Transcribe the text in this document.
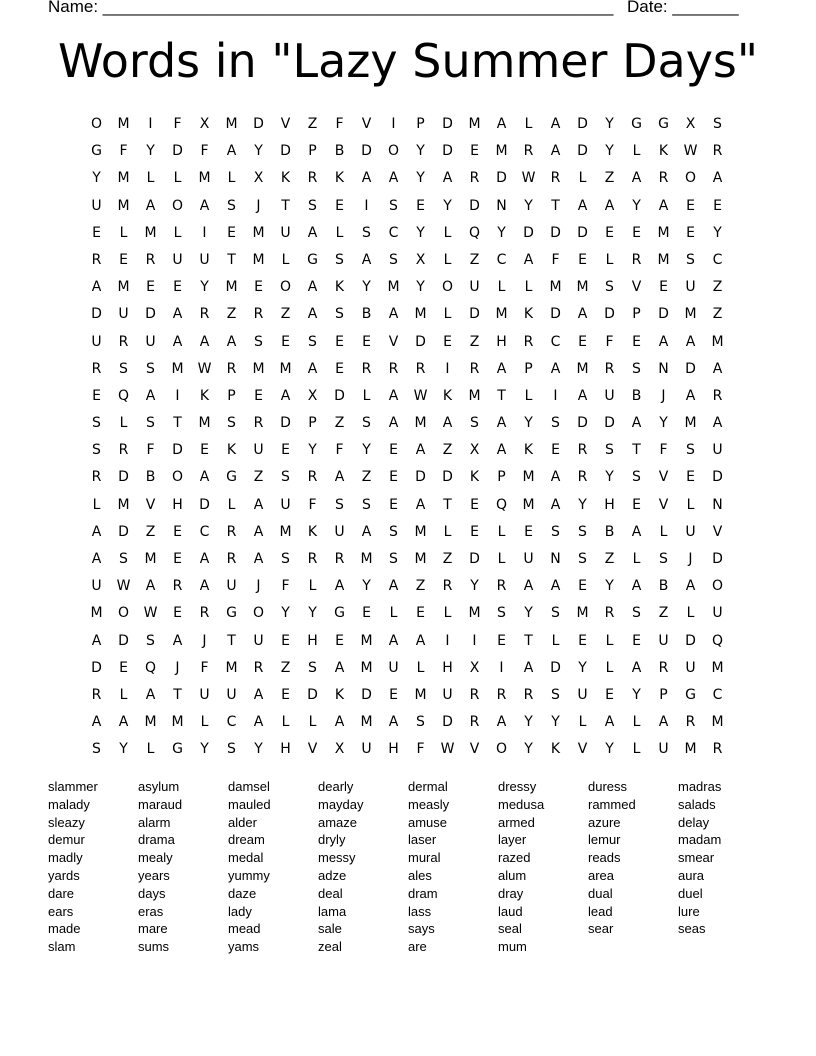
Name: ______________________________________________________ Date: _______
Words in "Lazy Summer Days"
O	M	I	F	X	M	D	V	Z	F	V	I	P	D	M	A	L	A	D	Y	G	G	X	S
G	F	Y	D	F	A	Y	D	P	B	D	O	Y	D	E	M	R	A	D	Y	L	K	W	R
Y	M	L	L	M	L	X	K	R	K	A	A	Y	A	R	D	W	R	L	Z	A	R	O	A
U	M	A	O	A	S	J	T	S	E	I	S	E	Y	D	N	Y	T	A	A	Y	A	E	E
E	L	M	L	I	E	M	U	A	L	S	C	Y	L	Q	Y	D	D	D	E	E	M	E	Y
R	E	R	U	U	T	M	L	G	S	A	S	X	L	Z	C	A	F	E	L	R	M	S	C
A	M	E	E	Y	M	E	O	A	K	Y	M	Y	O	U	L	L	M	M	S	V	E	U	Z
D	U	D	A	R	Z	R	Z	A	S	B	A	M	L	D	M	K	D	A	D	P	D	M	Z
U	R	U	A	A	A	S	E	S	E	E	V	D	E	Z	H	R	C	E	F	E	A	A	M
R	S	S	M	W	R	M	M	A	E	R	R	R	I	R	A	P	A	M	R	S	N	D	A
E	Q	A	I	K	P	E	A	X	D	L	A	W	K	M	T	L	I	A	U	B	J	A	R
S	L	S	T	M	S	R	D	P	Z	S	A	M	A	S	A	Y	S	D	D	A	Y	M	A
S	R	F	D	E	K	U	E	Y	F	Y	E	A	Z	X	A	K	E	R	S	T	F	S	U
R	D	B	O	A	G	Z	S	R	A	Z	E	D	D	K	P	M	A	R	Y	S	V	E	D
L	M	V	H	D	L	A	U	F	S	S	E	A	T	E	Q	M	A	Y	H	E	V	L	N
A	D	Z	E	C	R	A	M	K	U	A	S	M	L	E	L	E	S	S	B	A	L	U	V
A	S	M	E	A	R	A	S	R	R	M	S	M	Z	D	L	U	N	S	Z	L	S	J	D
U	W	A	R	A	U	J	F	L	A	Y	A	Z	R	Y	R	A	A	E	Y	A	B	A	O
M	O	W	E	R	G	O	Y	Y	G	E	L	E	L	M	S	Y	S	M	R	S	Z	L	U
A	D	S	A	J	T	U	E	H	E	M	A	A	I	I	E	T	L	E	L	E	U	D	Q
D	E	Q	J	F	M	R	Z	S	A	M	U	L	H	X	I	A	D	Y	L	A	R	U	M
R	L	A	T	U	U	A	E	D	K	D	E	M	U	R	R	R	S	U	E	Y	P	G	C
A	A	M	M	L	C	A	L	L	A	M	A	S	D	R	A	Y	Y	L	A	L	A	R	M
S	Y	L	G	Y	S	Y	H	V	X	U	H	F	W	V	O	Y	K	V	Y	L	U	M	R
slammer	asylum	damsel	dearly	dermal	dressy	duress	madras
malady	maraud	mauled	mayday	measly	medusa	rammed	salads
sleazy	alarm	alder	amaze	amuse	armed	azure	delay
demur	drama	dream	dryly	laser	layer	lemur	madam
madly	mealy	medal	messy	mural	razed	reads	smear
yards	years	yummy	adze	ales	alum	area	aura
dare	days	daze	deal	dram	dray	dual	duel
ears	eras	lady	lama	lass	laud	lead	lure
made	mare	mead	sale	says	seal	sear	seas
slam	sums	yams	zeal	are	mum
